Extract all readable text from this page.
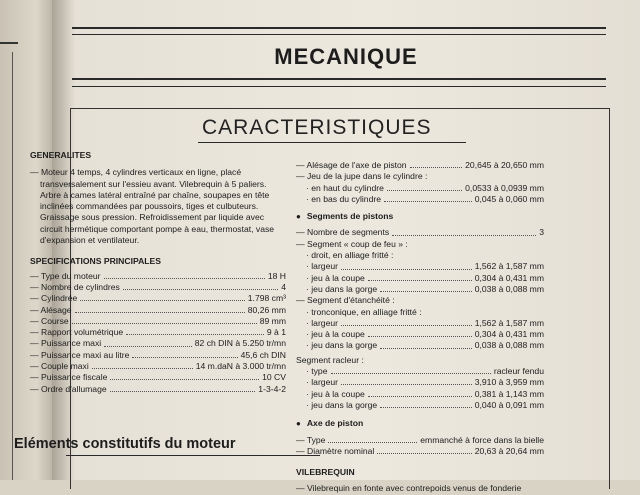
MECANIQUE
CARACTERISTIQUES

GENERALITES

— Moteur 4 temps, 4 cylindres verticaux en ligne, placé transversalement sur l'essieu avant. Vilebrequin à 5 paliers. Arbre à cames latéral entraîné par chaîne, soupapes en tête inclinées commandées par poussoirs, tiges et culbuteurs. Graissage sous pression. Refroidissement par liquide avec circuit hermétique comportant pompe à eau, thermostat, vase d'expansion et ventilateur.

SPECIFICATIONS PRINCIPALES

— Type du moteur	18 H
— Nombre de cylindres	4
— Cylindrée	1.798 cm³
— Alésage	80,26 mm
— Course	89 mm
— Rapport volumétrique	9 à 1
— Puissance maxi	82 ch DIN à 5.250 tr/mn
— Puissance maxi au litre	45,6 ch DIN
— Couple maxi	14 m.daN à 3.000 tr/mn
— Puissance fiscale	10 CV
— Ordre d'allumage	1-3-4-2
Eléments constitutifs du moteur
— Alésage de l'axe de piston	20,645 à 20,650 mm
— Jeu de la jupe dans le cylindre :
· en haut du cylindre	0,0533 à 0,0939 mm
· en bas du cylindre	0,045 à 0,060 mm
● Segments de pistons
— Nombre de segments	3
— Segment « coup de feu » :
· droit, en alliage fritté :
· largeur	1,562 à 1,587 mm
· jeu à la coupe	0,304 à 0,431 mm
· jeu dans la gorge	0,038 à 0,088 mm
— Segment d'étanchéité :
· tronconique, en alliage fritté :
· largeur	1,562 à 1,587 mm
· jeu à la coupe	0,304 à 0,431 mm
· jeu dans la gorge	0,038 à 0,088 mm
Segment racleur :
· type	racleur fendu
· largeur	3,910 à 3,959 mm
· jeu à la coupe	0,381 à 1,143 mm
· jeu dans la gorge	0,040 à 0,091 mm
● Axe de piston
— Type	emmanché à force dans la bielle
— Diamètre nominal	20,63 à 20,64 mm
VILEBREQUIN
— Vilebrequin en fonte avec contrepoids venus de fonderie
